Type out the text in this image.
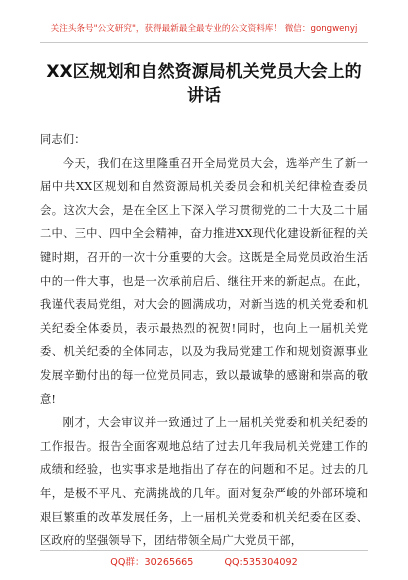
关注头条号"公文研究"，获得最新最全最专业的公文资料库！ 微信：gongwenyj
XX区规划和自然资源局机关党员大会上的讲话

同志们：

今天，我们在这里隆重召开全局党员大会，选举产生了新一届中共XX区规划和自然资源局机关委员会和机关纪律检查委员会。这次大会，是在全区上下深入学习贯彻党的二十大及二十届二中、三中、四中全会精神，奋力推进XX现代化建设新征程的关键时期，召开的一次十分重要的大会。这既是全局党员政治生活中的一件大事，也是一次承前启后、继往开来的新起点。在此，我谨代表局党组，对大会的圆满成功，对新当选的机关党委和机关纪委全体委员，表示最热烈的祝贺!同时，也向上一届机关党委、机关纪委的全体同志，以及为我局党建工作和规划资源事业发展辛勤付出的每一位党员同志，致以最诚挚的感谢和崇高的敬意!

刚才，大会审议并一致通过了上一届机关党委和机关纪委的工作报告。报告全面客观地总结了过去几年我局机关党建工作的成绩和经验，也实事求是地指出了存在的问题和不足。过去的几年，是极不平凡、充满挑战的几年。面对复杂严峻的外部环境和艰巨繁重的改革发展任务，上一届机关党委和机关纪委在区委、区政府的坚强领导下，团结带领全局广大党员干部，

QQ群：30265665	QQ:535304092
